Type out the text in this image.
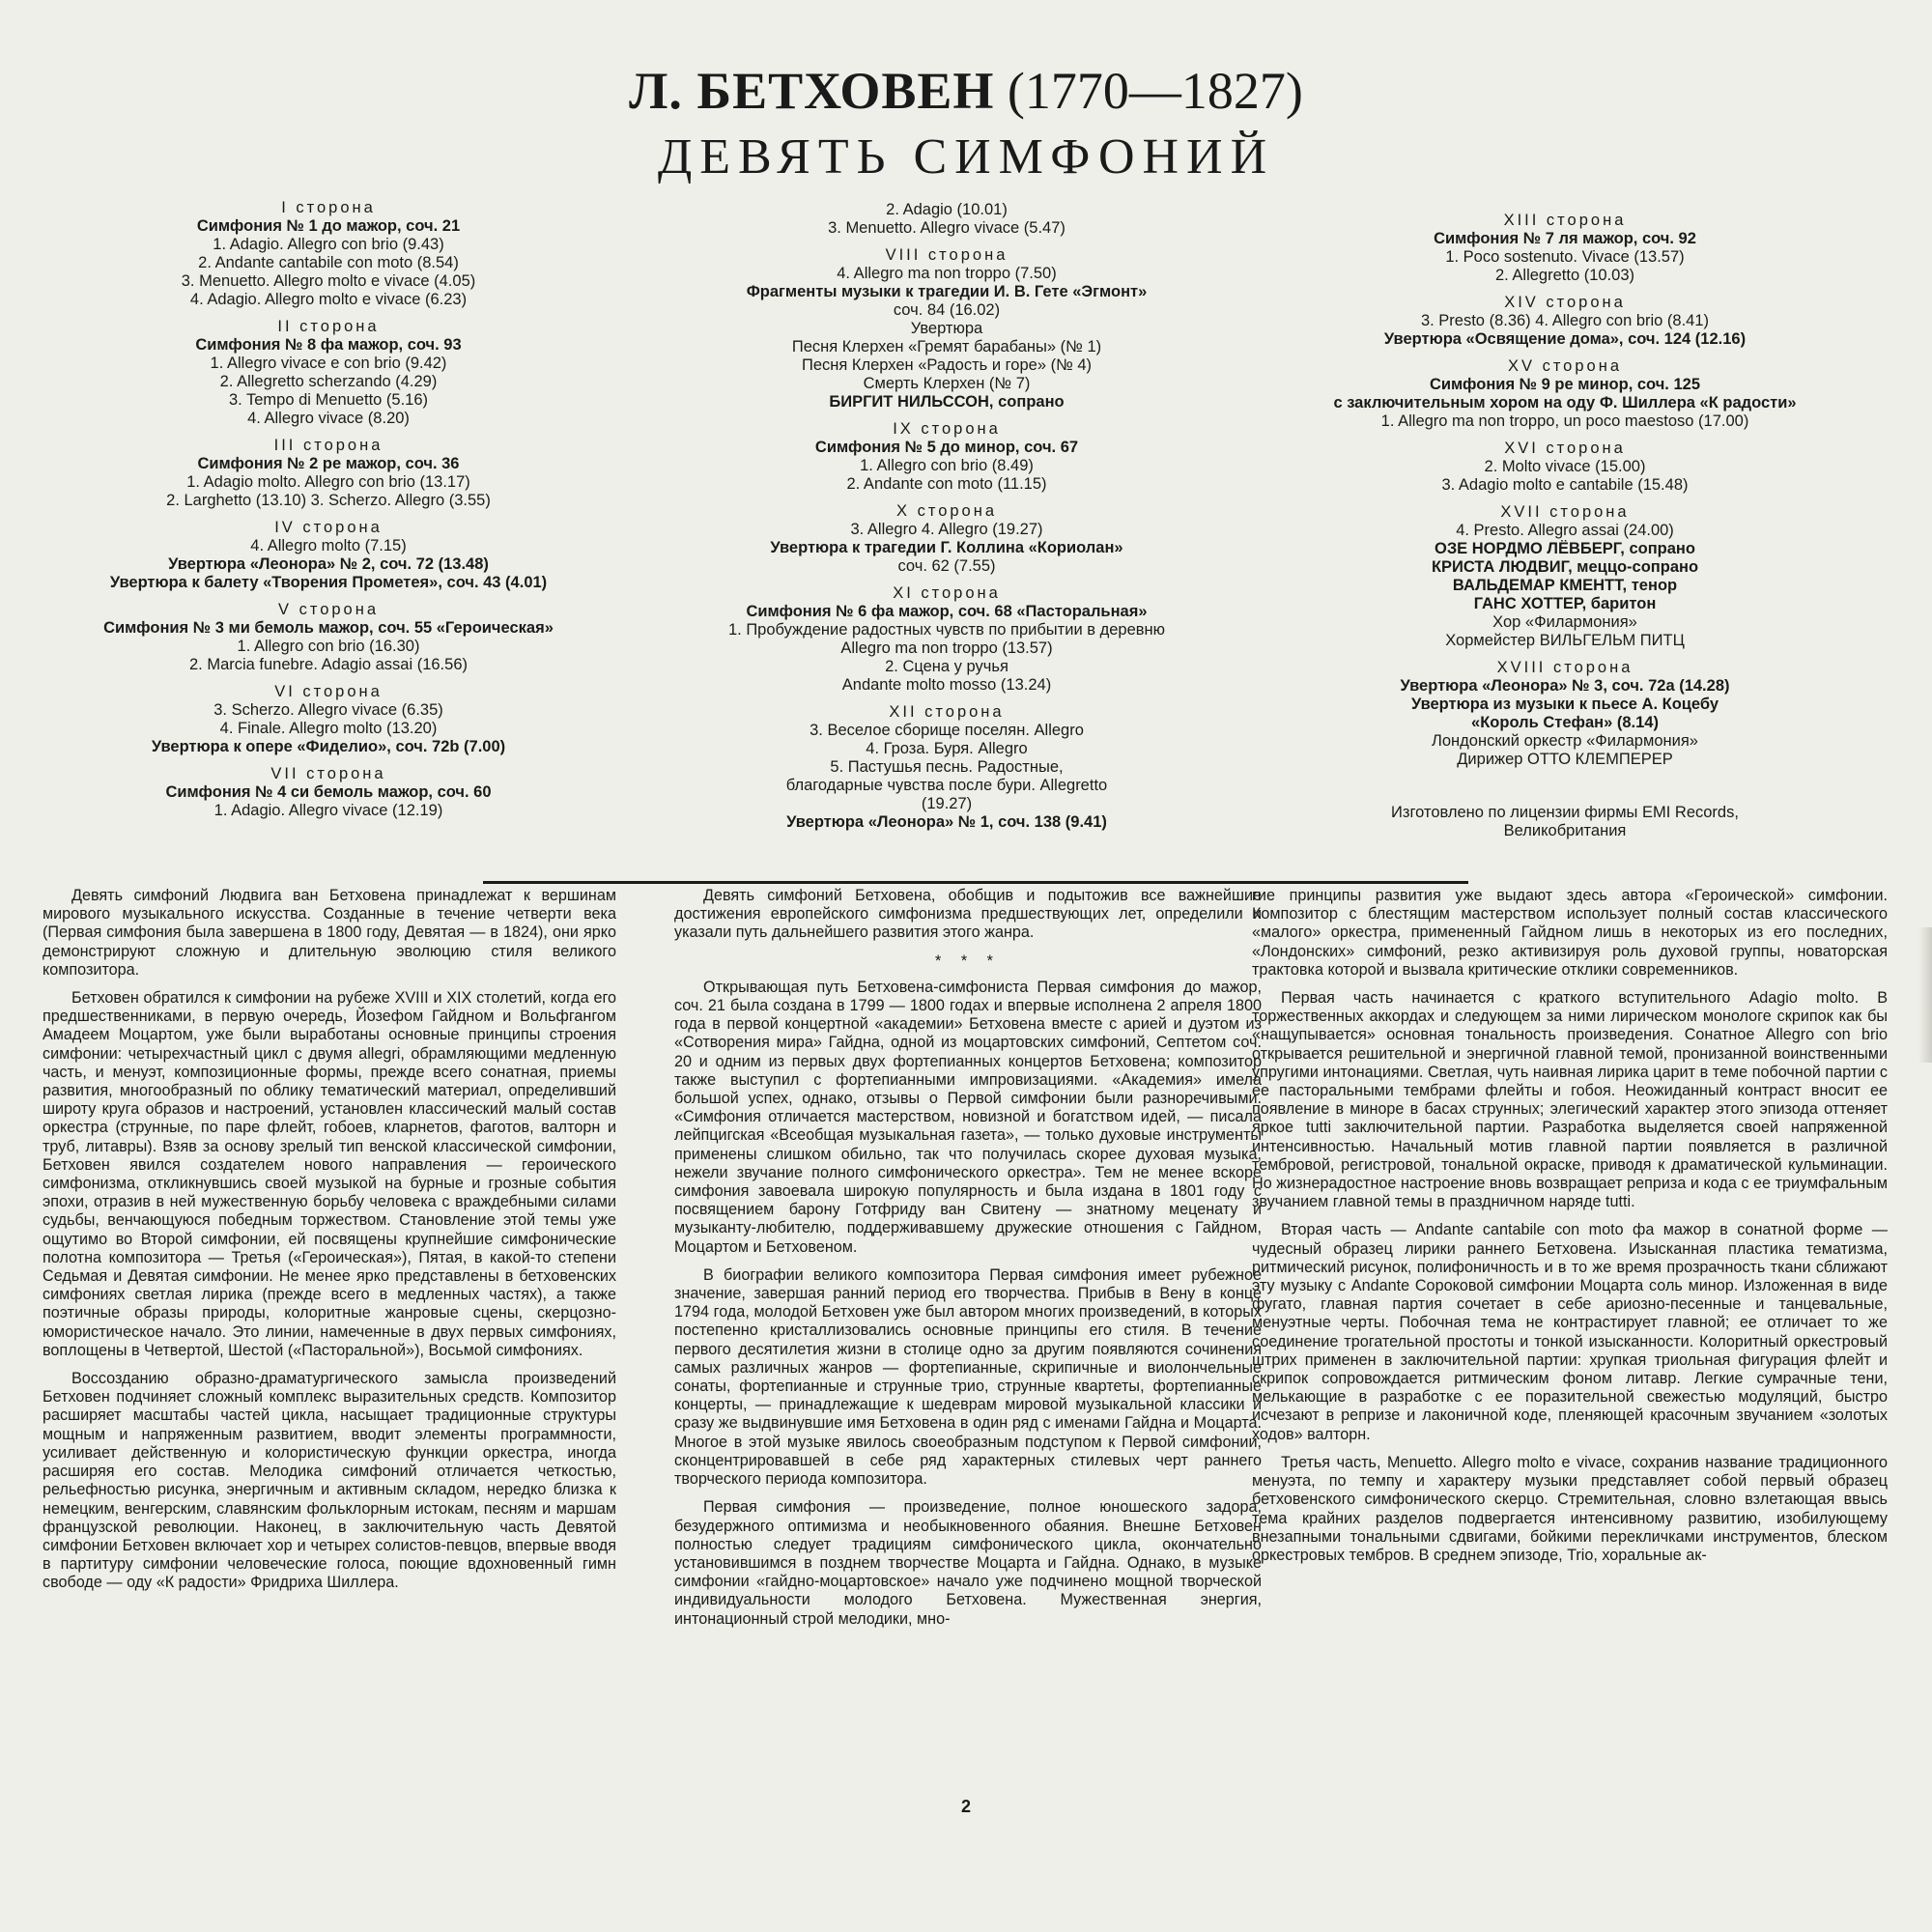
Л. БЕТХОВЕН (1770—1827)
ДЕВЯТЬ СИМФОНИЙ
I сторона
Симфония № 1 до мажор, соч. 21
1. Adagio. Allegro con brio (9.43)
2. Andante cantabile con moto (8.54)
3. Menuetto. Allegro molto e vivace (4.05)
4. Adagio. Allegro molto e vivace (6.23)
II сторона
Симфония № 8 фа мажор, соч. 93
1. Allegro vivace e con brio (9.42)
2. Allegretto scherzando (4.29)
3. Tempo di Menuetto (5.16)
4. Allegro vivace (8.20)
III сторона
Симфония № 2 ре мажор, соч. 36
1. Adagio molto. Allegro con brio (13.17)
2. Larghetto (13.10) 3. Scherzo. Allegro (3.55)
IV сторона
4. Allegro molto (7.15)
Увертюра «Леонора» № 2, соч. 72 (13.48)
Увертюра к балету «Творения Прометея», соч. 43 (4.01)
V сторона
Симфония № 3 ми бемоль мажор, соч. 55 «Героическая»
1. Allegro con brio (16.30)
2. Marcia funebre. Adagio assai (16.56)
VI сторона
3. Scherzo. Allegro vivace (6.35)
4. Finale. Allegro molto (13.20)
Увертюра к опере «Фиделио», соч. 72b (7.00)
VII сторона
Симфония № 4 си бемоль мажор, соч. 60
1. Adagio. Allegro vivace (12.19)
2. Adagio (10.01)
3. Menuetto. Allegro vivace (5.47)
VIII сторона
4. Allegro ma non troppo (7.50)
Фрагменты музыки к трагедии И. В. Гете «Эгмонт»
соч. 84 (16.02)
Увертюра
Песня Клерхен «Гремят барабаны» (№ 1)
Песня Клерхен «Радость и горе» (№ 4)
Смерть Клерхен (№ 7)
БИРГИТ НИЛЬССОН, сопрано
IX сторона
Симфония № 5 до минор, соч. 67
1. Allegro con brio (8.49)
2. Andante con moto (11.15)
X сторона
3. Allegro 4. Allegro (19.27)
Увертюра к трагедии Г. Коллина «Кориолан»
соч. 62 (7.55)
XI сторона
Симфония № 6 фа мажор, соч. 68 «Пасторальная»
1. Пробуждение радостных чувств по прибытии в деревню
Allegro ma non troppo (13.57)
2. Сцена у ручья
Andante molto mosso (13.24)
XII сторона
3. Веселое сборище поселян. Allegro
4. Гроза. Буря. Allegro
5. Пастушья песнь. Радостные,
благодарные чувства после бури. Allegretto
(19.27)
Увертюра «Леонора» № 1, соч. 138 (9.41)
XIII сторона
Симфония № 7 ля мажор, соч. 92
1. Poco sostenuto. Vivace (13.57)
2. Allegretto (10.03)
XIV сторона
3. Presto (8.36) 4. Allegro con brio (8.41)
Увертюра «Освящение дома», соч. 124 (12.16)
XV сторона
Симфония № 9 ре минор, соч. 125
с заключительным хором на оду Ф. Шиллера «К радости»
1. Allegro ma non troppo, un poco maestoso (17.00)
XVI сторона
2. Molto vivace (15.00)
3. Adagio molto e cantabile (15.48)
XVII сторона
4. Presto. Allegro assai (24.00)
ОЗЕ НОРДМО ЛЁВБЕРГ, сопрано
КРИСТА ЛЮДВИГ, меццо-сопрано
ВАЛЬДЕМАР КМЕНТТ, тенор
ГАНС ХОТТЕР, баритон
Хор «Филармония»
Хормейстер ВИЛЬГЕЛЬМ ПИТЦ
XVIII сторона
Увертюра «Леонора» № 3, соч. 72a (14.28)
Увертюра из музыки к пьесе А. Коцебу
«Король Стефан» (8.14)
Лондонский оркестр «Филармония»
Дирижер ОТТО КЛЕМПЕРЕР
Изготовлено по лицензии фирмы EMI Records,
Великобритания

Девять симфоний Людвига ван Бетховена принадлежат к вершинам мирового музыкального искусства. Созданные в течение четверти века (Первая симфония была завершена в 1800 году, Девятая — в 1824), они ярко демонстрируют сложную и длительную эволюцию стиля великого композитора.

Бетховен обратился к симфонии на рубеже XVIII и XIX столетий, когда его предшественниками, в первую очередь, Йозефом Гайдном и Вольфгангом Амадеем Моцартом, уже были выработаны основные принципы строения симфонии: четырехчастный цикл с двумя allegri, обрамляющими медленную часть, и менуэт, композиционные формы, прежде всего сонатная, приемы развития, многообразный по облику тематический материал, определивший широту круга образов и настроений, установлен классический малый состав оркестра (струнные, по паре флейт, гобоев, кларнетов, фаготов, валторн и труб, литавры). Взяв за основу зрелый тип венской классической симфонии, Бетховен явился создателем нового направления — героического симфонизма, откликнувшись своей музыкой на бурные и грозные события эпохи, отразив в ней мужественную борьбу человека с враждебными силами судьбы, венчающуюся победным торжеством. Становление этой темы уже ощутимо во Второй симфонии, ей посвящены крупнейшие симфонические полотна композитора — Третья («Героическая»), Пятая, в какой-то степени Седьмая и Девятая симфонии. Не менее ярко представлены в бетховенских симфониях светлая лирика (прежде всего в медленных частях), а также поэтичные образы природы, колоритные жанровые сцены, скерцозно-юмористическое начало. Это линии, намеченные в двух первых симфониях, воплощены в Четвертой, Шестой («Пасторальной»), Восьмой симфониях.

Воссозданию образно-драматургического замысла произведений Бетховен подчиняет сложный комплекс выразительных средств. Композитор расширяет масштабы частей цикла, насыщает традиционные структуры мощным и напряженным развитием, вводит элементы программности, усиливает действенную и колористическую функции оркестра, иногда расширяя его состав. Мелодика симфоний отличается четкостью, рельефностью рисунка, энергичным и активным складом, нередко близка к немецким, венгерским, славянским фольклорным истокам, песням и маршам французской революции. Наконец, в заключительную часть Девятой симфонии Бетховен включает хор и четырех солистов-певцов, впервые вводя в партитуру симфонии человеческие голоса, поющие вдохновенный гимн свободе — оду «К радости» Фридриха Шиллера.

Девять симфоний Бетховена, обобщив и подытожив все важнейшие достижения европейского симфонизма предшествующих лет, определили и указали путь дальнейшего развития этого жанра.

* * *

Открывающая путь Бетховена-симфониста Первая симфония до мажор, соч. 21 была создана в 1799 — 1800 годах и впервые исполнена 2 апреля 1800 года в первой концертной «академии» Бетховена вместе с арией и дуэтом из «Сотворения мира» Гайдна, одной из моцартовских симфоний, Септетом соч. 20 и одним из первых двух фортепианных концертов Бетховена; композитор также выступил с фортепианными импровизациями. «Академия» имела большой успех, однако, отзывы о Первой симфонии были разноречивыми. «Симфония отличается мастерством, новизной и богатством идей, — писала лейпцигская «Всеобщая музыкальная газета», — только духовые инструменты применены слишком обильно, так что получилась скорее духовая музыка, нежели звучание полного симфонического оркестра». Тем не менее вскоре симфония завоевала широкую популярность и была издана в 1801 году с посвящением барону Готфриду ван Свитену — знатному меценату и музыканту-любителю, поддерживавшему дружеские отношения с Гайдном, Моцартом и Бетховеном.

В биографии великого композитора Первая симфония имеет рубежное значение, завершая ранний период его творчества. Прибыв в Вену в конце 1794 года, молодой Бетховен уже был автором многих произведений, в которых постепенно кристаллизовались основные принципы его стиля. В течение первого десятилетия жизни в столице одно за другим появляются сочинения самых различных жанров — фортепианные, скрипичные и виолончельные сонаты, фортепианные и струнные трио, струнные квартеты, фортепианные концерты, — принадлежащие к шедеврам мировой музыкальной классики и сразу же выдвинувшие имя Бетховена в один ряд с именами Гайдна и Моцарта. Многое в этой музыке явилось своеобразным подступом к Первой симфонии, сконцентрировавшей в себе ряд характерных стилевых черт раннего творческого периода композитора.

Первая симфония — произведение, полное юношеского задора, безудержного оптимизма и необыкновенного обаяния. Внешне Бетховен полностью следует традициям симфонического цикла, окончательно установившимся в позднем творчестве Моцарта и Гайдна. Однако, в музыке симфонии «гайдно-моцартовское» начало уже подчинено мощной творческой индивидуальности молодого Бетховена. Мужественная энергия, интонационный строй мелодики, мно-

гие принципы развития уже выдают здесь автора «Героической» симфонии. Композитор с блестящим мастерством использует полный состав классического «малого» оркестра, примененный Гайдном лишь в некоторых из его последних, «Лондонских» симфоний, резко активизируя роль духовой группы, новаторская трактовка которой и вызвала критические отклики современников.

Первая часть начинается с краткого вступительного Adagio molto. В торжественных аккордах и следующем за ними лирическом монологе скрипок как бы «нащупывается» основная тональность произведения. Сонатное Allegro con brio открывается решительной и энергичной главной темой, пронизанной воинственными упругими интонациями. Светлая, чуть наивная лирика царит в теме побочной партии с ее пасторальными тембрами флейты и гобоя. Неожиданный контраст вносит ее появление в миноре в басах струнных; элегический характер этого эпизода оттеняет яркое tutti заключительной партии. Разработка выделяется своей напряженной интенсивностью. Начальный мотив главной партии появляется в различной тембровой, регистровой, тональной окраске, приводя к драматической кульминации. Но жизнерадостное настроение вновь возвращает реприза и кода с ее триумфальным звучанием главной темы в праздничном наряде tutti.

Вторая часть — Andante cantabile con moto фа мажор в сонатной форме — чудесный образец лирики раннего Бетховена. Изысканная пластика тематизма, ритмический рисунок, полифоничность и в то же время прозрачность ткани сближают эту музыку с Andante Сороковой симфонии Моцарта соль минор. Изложенная в виде фугато, главная партия сочетает в себе ариозно-песенные и танцевальные, менуэтные черты. Побочная тема не контрастирует главной; ее отличает то же соединение трогательной простоты и тонкой изысканности. Колоритный оркестровый штрих применен в заключительной партии: хрупкая триольная фигурация флейт и скрипок сопровождается ритмическим фоном литавр. Легкие сумрачные тени, мелькающие в разработке с ее поразительной свежестью модуляций, быстро исчезают в репризе и лаконичной коде, пленяющей красочным звучанием «золотых ходов» валторн.

Третья часть, Menuetto. Allegro molto e vivace, сохранив название традиционного менуэта, по темпу и характеру музыки представляет собой первый образец бетховенского симфонического скерцо. Стремительная, словно взлетающая ввысь тема крайних разделов подвергается интенсивному развитию, изобилующему внезапными тональными сдвигами, бойкими перекличками инструментов, блеском оркестровых тембров. В среднем эпизоде, Trio, хоральные ак-

2
